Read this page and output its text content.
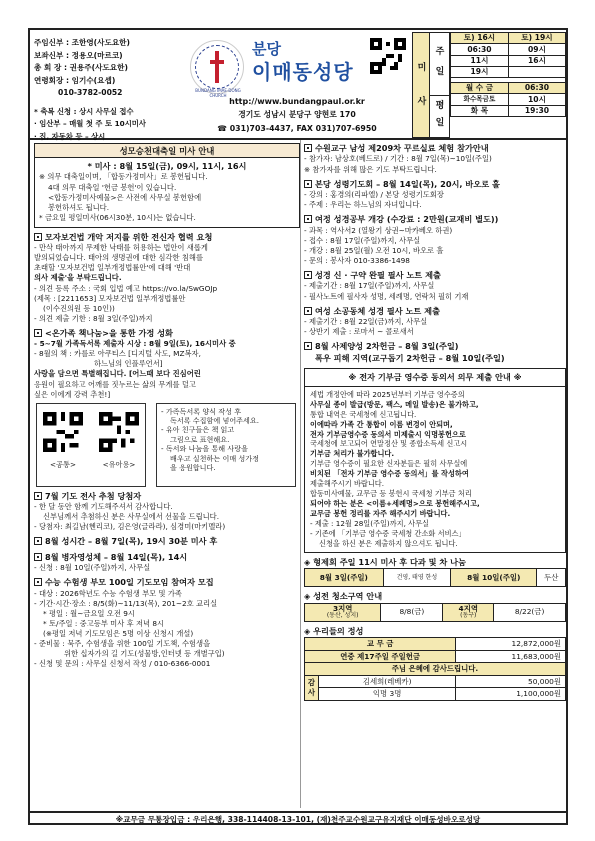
주임신부 : 조한영(사도요한)
보좌신부 : 정용오(마르코)
총 회 장 : 권용주(사도요한)
연령회장 : 임기수(요셉)
010-3782-0052
* 축복 신청 : 상시 사무실 접수
· 임산부 – 매월 첫 주 토 10시미사
· 집, 자동차 등 – 상시
BUNDANG IMAE-DONG CHURCH
분당
이매동성당
http://www.bundangpaul.or.kr
경기도 성남시 분당구 양현로 170
☎ 031)703-4437, FAX 031)707-6950
미
사
주
일
평
일
토) 16시	토) 19시
06:30	09시
11시	16시
19시	

월 수 금	06:30
화수목금토	10시
화 목	19:30
성모승천대축일 미사 안내
* 미사 : 8월 15일(금), 09시, 11시, 16시
※ 의무 대축일이며, 「합동가정미사」로 봉헌됩니다.
4대 의무 대축일 '헌금 봉헌'이 있습니다.
<합동가정미사예물>은 사전에 사무실 봉헌함에
봉헌하셔도 됩니다.
* 금요일 평일미사(06시30분, 10시)는 없습니다.
모자보건법 개악 저지를 위한 전신자 협력 요청
- 만삭 태아까지 무제한 낙태를 허용하는 법안이 새롭게
발의되었습니다. 태아의 생명권에 대한 심각한 침해를
초래할 '모자보건법 일부개정법률안'에 대해 '반대
의사 제출'을 부탁드립니다.
- 의견 등록 주소 : 국회 입법 예고 https://vo.la/SwGOJp
(제목 : [2211653] 모자보건법 일부개정법률안
(이수진의원 등 10인))
- 의견 제출 기한 : 8월 3일(주일)까지
<온가족 책나눔>을 통한 가정 성화
- 5~7월 가족독서록 제출자 시상 : 8월 9일(토), 16시미사 중
- 8월의 책 : 카를로 아쿠티스 [디지털 사도, MZ복자,
하느님의 인플루언서]
사랑을 담으면 특별해집니다. [어느때 보다 진심어린
응원이 필요하고 어깨를 짓누르는 삶의 무게를 덜고
싶은 이에게 강력 추천!]
<공통>	<유아용>
- 가족독서록 양식 작성 후
독서록 수집함에 넣어주세요.
- 유아 친구들은 책 읽고
그림으로 표현해요.
- 독서와 나눔을 통해 사랑을
배우고 실천하는 이매 성가정
을 응원합니다.
7월 기도 전사 추첨 당첨자
- 한 달 동안 함께 기도해주셔서 감사합니다.
신부님께서 추첨하신 분은 사무실에서 선물을 드립니다.
- 당첨자: 최길남(헨리코), 김은영(글라라), 심경미(마키멜라)
8월 성시간 – 8월 7일(목), 19시 30분 미사 후
8월 병자영성체 – 8월 14일(목), 14시
- 신청 : 8월 10일(주일)까지, 사무실
수능 수험생 부모 100일 기도모임 참여자 모집
- 대상 : 2026학년도 수능 수험생 부모 및 가족
- 기간·시간·장소 : 8/5(화)~11/13(목), 201~2호 교리실
* 평일 : 월~금요일 오전 9시
* 토/주일 : 중고등부 미사 후 저녁 8시
(※평일 저녁 기도모임은 5명 이상 신청시 개설)
- 준비물 : 묵주, 수험생을 위한 100일 기도책, 수험생을
위한 십자가의 길 기도(성물방,인터넷 등 개별구입)
- 신청 및 문의 : 사무실 신청서 작성 / 010-6366-0001
수원교구 남성 제209차 꾸르실료 체험 참가안내
- 참가자: 남상호(베드로) / 기간 : 8월 7일(목)~10일(주일)
※ 참가자를 위해 많은 기도 부탁드립니다.
본당 성령기도회 – 8월 14일(목), 20시, 바오로 홀
- 강의 : 홍경의(리파엘) / 본당 성령기도회장
- 주제 : 우리는 하느님의 자녀입니다.
여정 성경공부 개강 (수강료 : 2만원(교재비 별도))
- 과목 : 역사서2 (열왕기 상권~마카베오 하권)
- 접수 : 8월 17일(주일)까지, 사무실
- 개강 : 8월 25일(월) 오전 10시, 바오로 홀
- 문의 : 봉사자 010-3386-1498
성경 신 · 구약 완필 필사 노트 제출
- 제출기간 : 8월 17일(주일)까지, 사무실
- 필사노트에 필사자 성명, 세례명, 연락처 필히 기재
여성 소공동체 성경 필사 노트 제출
- 제출기간 : 8월 22일(금)까지, 사무실
- 상반기 제출 : 로마서 ~ 콜로새서
8월 사제양성 2차헌금 – 8월 3일(주일)
폭우 피해 지역(교구돕기 2차헌금 – 8월 10일(주일)
※ 전자 기부금 영수증 동의서 의무 제출 안내 ※
세법 개정안에 따라 2025년부터 기부금 영수증의
사무실 종이 발급(방문, 팩스, 메일 발송)은 불가하고,
통합 내역은 국세청에 신고됩니다.
이에따라 가족 간 통합이 이름 변경이 안되며,
전자 기부금영수증 동의서 미제출시 익명봉헌으로
국세청에 보고되어 연말정산 및 종합소득세 신고시
기부금 처리가 불가합니다.
기부금 영수증이 필요한 신자분들은 필히 사무실에
비치된 「전자 기부금 영수증 동의서」를 작성하여
제출해주시기 바랍니다.
합동미사예물, 교무금 등 봉헌시 국세청 기부금 처리
되어야 하는 분은 <이름+세례명>으로 봉헌해주시고,
교무금 봉헌 정리를 자주 해주시기 바랍니다.
- 제출 : 12월 28일(주일)까지, 사무실
- 기존에 「기부금 영수증 국세청 간소화 서비스」
신청을 하신 분은 제출하지 않으셔도 됩니다.
◈ 형제회 주일 11시 미사 후 다과 및 차 나눔
8월 3일(주일)	건영, 태영 한성	8월 10일(주일)	두산
◈ 성전 청소구역 안내
3지역
(동산, 성지)	8/8(금)	4지역
(동구)	8/22(금)
◈ 우리들의 정성
교 무 금		12,872,000원
연중 제17주일 주일헌금		11,683,000원
주님 은혜에 감사드립니다.		
감사	김세희(레베카)	50,000원
	익명 3명	1,100,000원
※교무금 무통장입금 : 우리은행, 338-114408-13-101, (재)천주교수원교구유지재단 이매동성바오로성당
